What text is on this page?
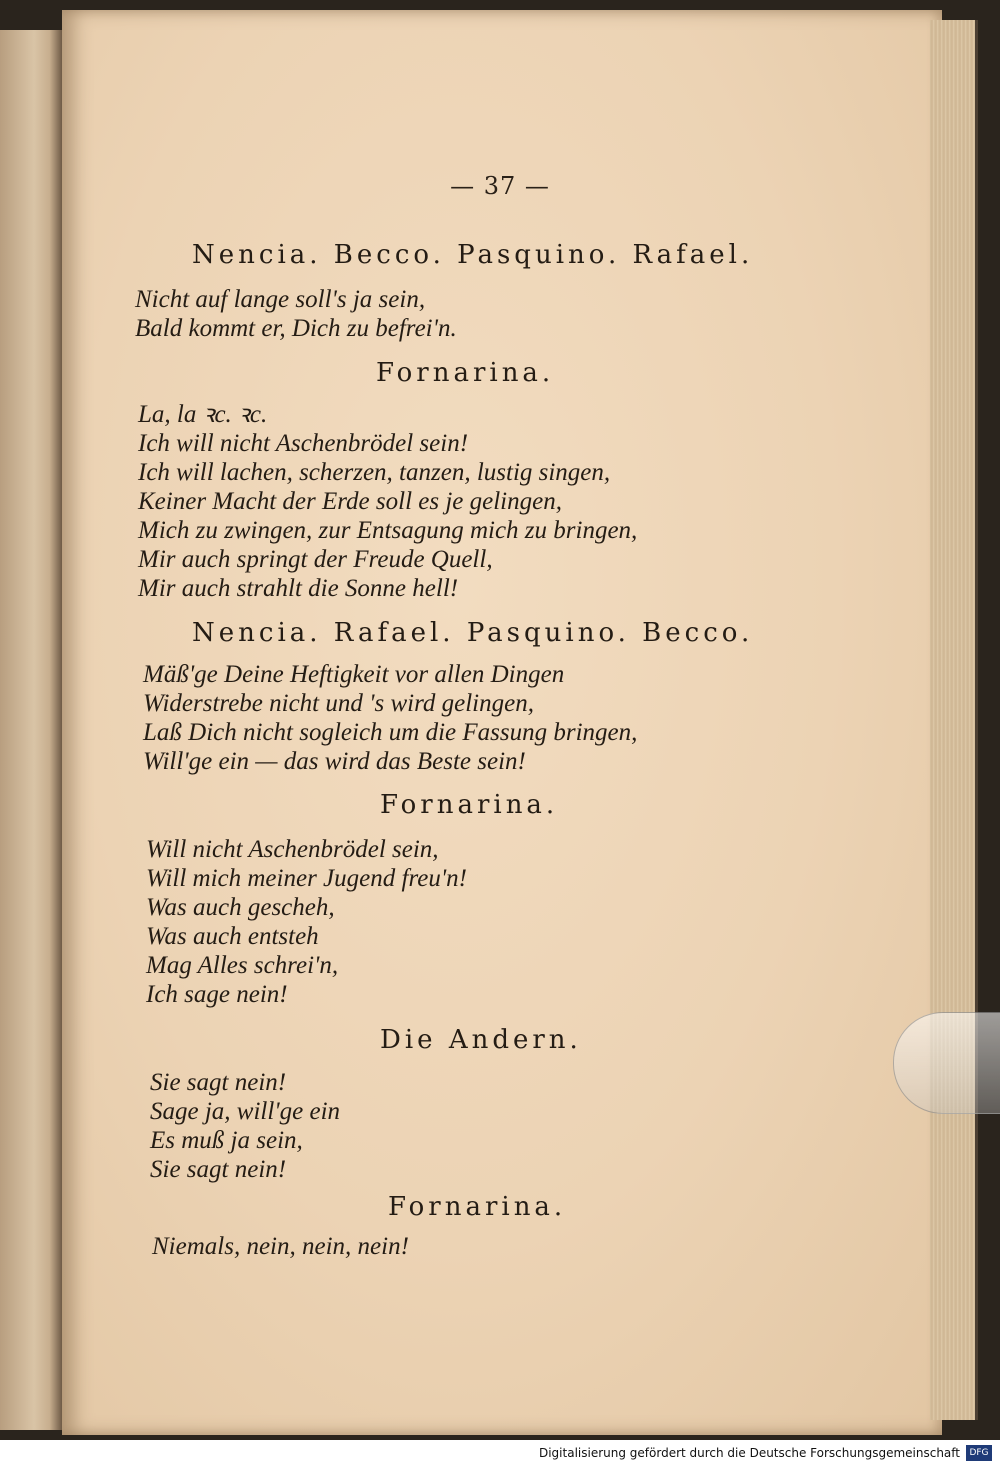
— 37 —
Nencia. Becco. Pasquino. Rafael.
Nicht auf lange soll's ja sein,
Bald kommt er, Dich zu befrei'n.
Fornarina.
La, la ꝛc. ꝛc.
Ich will nicht Aschenbrödel sein!
Ich will lachen, scherzen, tanzen, lustig singen,
Keiner Macht der Erde soll es je gelingen,
Mich zu zwingen, zur Entsagung mich zu bringen,
Mir auch springt der Freude Quell,
Mir auch strahlt die Sonne hell!
Nencia. Rafael. Pasquino. Becco.
Mäß'ge Deine Heftigkeit vor allen Dingen
Widerstrebe nicht und 's wird gelingen,
Laß Dich nicht sogleich um die Fassung bringen,
Will'ge ein — das wird das Beste sein!
Fornarina.
Will nicht Aschenbrödel sein,
Will mich meiner Jugend freu'n!
Was auch gescheh,
Was auch entsteh
Mag Alles schrei'n,
Ich sage nein!
Die Andern.
Sie sagt nein!
Sage ja, will'ge ein
Es muß ja sein,
Sie sagt nein!
Fornarina.
Niemals, nein, nein, nein!
Digitalisierung gefördert durch die Deutsche Forschungsgemeinschaft	DFG
